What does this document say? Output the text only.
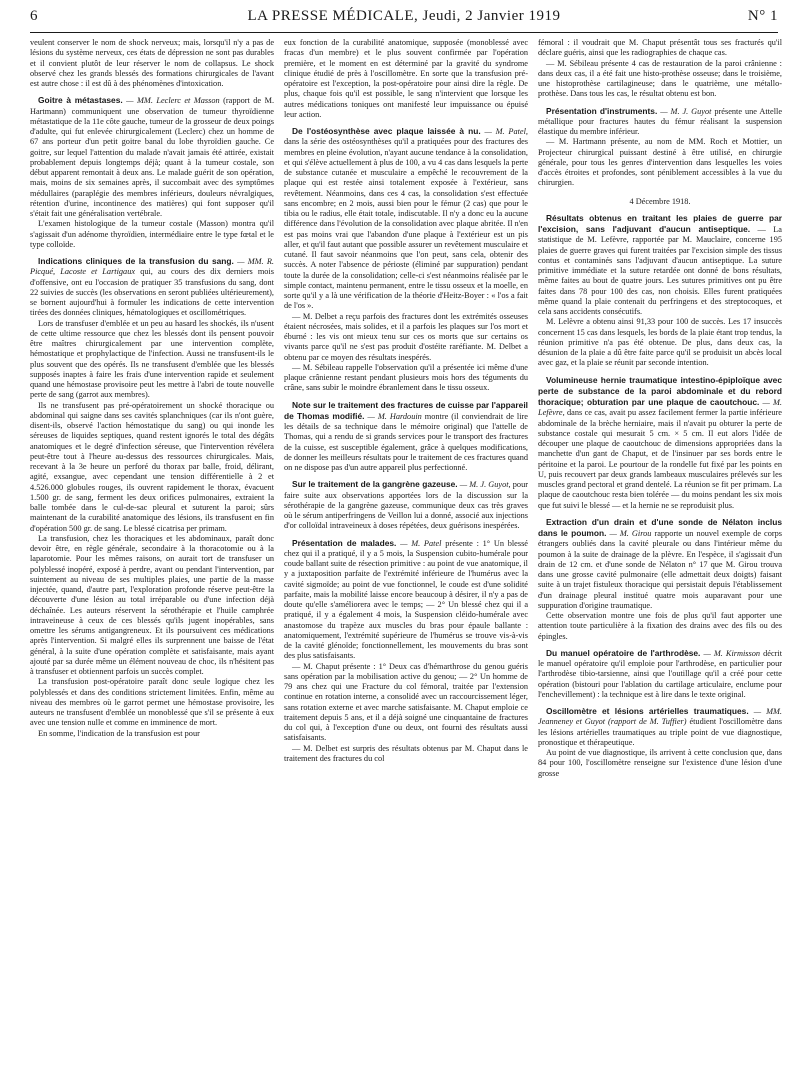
6	LA PRESSE MÉDICALE, Jeudi, 2 Janvier 1919	N° 1

veulent conserver le nom de shock nerveux; mais, lorsqu'il n'y a pas de lésions du système nerveux, ces états de dépression ne sont pas durables et il convient plutôt de leur réserver le nom de collapsus. Le shock observé chez les grands blessés des formations chirurgicales de l'avant est autre chose : il est dû à des phénomènes d'intoxication.

Goitre à métastases. — MM. Leclerc et Masson (rapport de M. Hartmann) communiquent une observation de tumeur thyroïdienne métastatique de la 11e côte gauche, tumeur de la grosseur de deux poings d'adulte, qui fut enlevée chirurgicalement (Leclerc) chez un homme de 67 ans porteur d'un petit goitre banal du lobe thyroïdien gauche. Ce goitre, sur lequel l'attention du malade n'avait jamais été attirée, existait probablement depuis longtemps déjà; quant à la tumeur costale, son début apparent remontait à deux ans. Le malade guérit de son opération, mais, moins de six semaines après, il succombait avec des symptômes médullaires (paraplégie des membres inférieurs, douleurs névralgiques, rétention d'urine, incontinence des matières) qui font supposer qu'il s'était fait une généralisation vertébrale.

L'examen histologique de la tumeur costale (Masson) montra qu'il s'agissait d'un adénome thyroïdien, intermédiaire entre le type fœtal et le type colloïde.

Indications cliniques de la transfusion du sang. — MM. R. Picqué, Lacoste et Lartigaux qui, au cours des dix derniers mois d'offensive, ont eu l'occasion de pratiquer 35 transfusions du sang, dont 22 suivies de succès (les observations en seront publiées ultérieurement), se bornent aujourd'hui à formuler les indications de cette intervention tirées des données cliniques, hématologiques et oscillométriques.

Lors de transfuser d'emblée et un peu au hasard les shockés, ils n'usent de cette ultime ressource que chez les blessés dont ils pensent pouvoir être maîtres chirurgicalement par une intervention complète, hémostatique et prophylactique de l'infection. Aussi ne transfusent-ils le plus souvent que des opérés. Ils ne transfusent d'emblée que les blessés supposés inaptes à faire les frais d'une intervention rapide et seulement quand une hémostase provisoire peut les mettre à l'abri de toute nouvelle perte de sang (garrot aux membres).

Ils ne transfusent pas pré-opératoirement un shocké thoracique ou abdominal qui saigne dans ses cavités splanchniques (car ils n'ont guère, disent-ils, observé l'action hémostatique du sang) ou qui inonde les séreuses de liquides septiques, quand restent ignorés le total des dégâts anatomiques et le degré d'infection séreuse, que l'intervention révélera peut-être tout à l'heure au-dessus des ressources chirurgicales. Mais, recevant à la 3e heure un perforé du thorax par balle, froid, délirant, agité, exsangue, avec cependant une tension différentielle à 2 et 4.526.000 globules rouges, ils ouvrent rapidement le thorax, évacuent 1.500 gr. de sang, ferment les deux orifices pulmonaires, extraient la balle tombée dans le cul-de-sac pleural et suturent la paroi; sûrs maintenant de la curabilité anatomique des lésions, ils transfusent en fin d'opération 500 gr. de sang. Le blessé cicatrisa per primam.

La transfusion, chez les thoraciques et les abdominaux, paraît donc devoir être, en règle générale, secondaire à la thoracotomie ou à la laparotomie. Pour les mêmes raisons, on aurait tort de transfuser un polyblessé inopéré, exposé à perdre, avant ou pendant l'intervention, par suintement au niveau de ses multiples plaies, une partie de la masse injectée, quand, d'autre part, l'exploration profonde réserve peut-être la découverte d'une lésion au total irréparable ou d'une infection déjà déchaînée. Les auteurs réservent la sérothérapie et l'huile camphrée intraveineuse à ceux de ces blessés qu'ils jugent inopérables, sans omettre les sérums antigangreneux. Et ils poursuivent ces médications après l'intervention. Si malgré elles ils surprennent une baisse de l'état général, à la suite d'une opération complète et satisfaisante, mais ayant ajouté par sa durée même un élément nouveau de choc, ils n'hésitent pas à transfuser et obtiennent parfois un succès complet.

La transfusion post-opératoire paraît donc seule logique chez les polyblessés et dans des conditions strictement limitées. Enfin, même au niveau des membres où le garrot permet une hémostase provisoire, les auteurs ne transfusent d'emblée un monoblessé que s'il se présente à eux avec une tension nulle et comme en imminence de mort.

En somme, l'indication de la transfusion est pour

eux fonction de la curabilité anatomique, supposée (monoblessé avec fracas d'un membre) et le plus souvent confirmée par l'opération première, et le moment en est déterminé par la gravité du syndrome clinique étudié de près à l'oscillomètre. En sorte que la transfusion pré-opératoire est l'exception, la post-opératoire pour ainsi dire la règle. De plus, chaque fois qu'il est possible, le sang n'intervient que lorsque les autres médications toniques ont manifesté leur impuissance ou épuisé leur action.

De l'ostéosynthèse avec plaque laissée à nu. — M. Patel, dans la série des ostéosynthèses qu'il a pratiquées pour des fractures des membres en pleine évolution, n'ayant aucune tendance à la consolidation, et qui s'élève actuellement à plus de 100, a vu 4 cas dans lesquels la perte de substance cutanée et musculaire a empêché le recouvrement de la plaque qui est restée ainsi totalement exposée à l'extérieur, sans revêtement. Néanmoins, dans ces 4 cas, la consolidation s'est effectuée sans encombre; en 2 mois, aussi bien pour le fémur (2 cas) que pour le tibia ou le radius, elle était totale, indiscutable. Il n'y a donc eu la aucune différence dans l'évolution de la consolidation avec plaque abritée. Il n'en est pas moins vrai que l'abandon d'une plaque à l'extérieur est un pis aller, et qu'il faut autant que possible assurer un revêtement musculaire et cutané. Il faut savoir néanmoins que l'on peut, sans cela, obtenir des succès. A noter l'absence de périoste (éliminé par suppuration) pendant toute la durée de la consolidation; celle-ci s'est néanmoins réalisée par le simple contact, maintenu permanent, entre le tissu osseux et la moelle, en sorte qu'il y a là une vérification de la théorie d'Heitz-Boyer : « l'os a fait de l'os ».

— M. Delbet a reçu parfois des fractures dont les extrémités osseuses étaient nécrosées, mais solides, et il a parfois les plaques sur l'os mort et éburné : les vis ont mieux tenu sur ces os morts que sur certains os vivants parce qu'il ne s'est pas produit d'ostéite raréfiante. M. Delbet a obtenu par ce moyen des résultats inespérés.

— M. Sébileau rappelle l'observation qu'il a présentée ici même d'une plaque crânienne restant pendant plusieurs mois hors des téguments du crâne, sans subir le moindre ébranlement dans le tissu osseux.

Note sur le traitement des fractures de cuisse par l'appareil de Thomas modifié. — M. Hardouin montre (il conviendrait de lire les détails de sa technique dans le mémoire original) que l'attelle de Thomas, qui a rendu de si grands services pour le transport des fractures de la cuisse, est susceptible également, grâce à quelques modifications, de donner les meilleurs résultats pour le traitement de ces fractures quand on ne dispose pas d'un autre appareil plus perfectionné.

Sur le traitement de la gangrène gazeuse. — M. J. Guyot, pour faire suite aux observations apportées lors de la discussion sur la sérothérapie de la gangrène gazeuse, communique deux cas très graves où le sérum antiperfringens de Veillon lui a donné, associé aux injections d'or colloïdal intraveineux à doses répétées, deux guérisons inespérées.

Présentation de malades. — M. Patel présente : 1° Un blessé chez qui il a pratiqué, il y a 5 mois, la Suspension cubito-humérale pour coude ballant suite de résection primitive : au point de vue anatomique, il y a juxtaposition parfaite de l'extrémité inférieure de l'humérus avec la cavité sigmoïde; au point de vue fonctionnel, le coude est d'une solidité parfaite, mais la mobilité laisse encore beaucoup à désirer, il n'y a pas de doute qu'elle s'améliorera avec le temps; — 2° Un blessé chez qui il a pratiqué, il y a également 4 mois, la Suspension cléido-humérale avec anastomose du trapèze aux muscles du bras pour épaule ballante : anatomiquement, l'extrémité supérieure de l'humérus se trouve vis-à-vis de la cavité glénoïde; fonctionnellement, les mouvements du bras sont des plus satisfaisants.

— M. Chaput présente : 1° Deux cas d'hémarthrose du genou guéris sans opération par la mobilisation active du genou; — 2° Un homme de 79 ans chez qui une Fracture du col fémoral, traitée par l'extension continue en rotation interne, a consolidé avec un raccourcissement léger, sans rotation externe et avec marche satisfaisante. M. Chaput emploie ce traitement depuis 5 ans, et il a déjà soigné une cinquantaine de fractures du col qui, à l'exception d'une ou deux, ont fourni des résultats aussi satisfaisants.

— M. Delbet est surpris des résultats obtenus par M. Chaput dans le traitement des fractures du col

fémoral : il voudrait que M. Chaput présentât tous ses fracturés qu'il déclare guéris, ainsi que les radiographies de chaque cas.

— M. Sébileau présente 4 cas de restauration de la paroi crânienne : dans deux cas, il a été fait une histo-prothèse osseuse; dans le troisième, une histoprothèse cartilagineuse; dans le quatrième, une métallo-prothèse. Dans tous les cas, le résultat obtenu est bon.

Présentation d'instruments. — M. J. Guyot présente une Attelle métallique pour fractures hautes du fémur réalisant la suspension élastique du membre inférieur.

— M. Hartmann présente, au nom de MM. Roch et Mottier, un Projecteur chirurgical puissant destiné à être utilisé, en chirurgie générale, pour tous les genres d'intervention dans lesquelles les voies d'accès étroites et profondes, sont péniblement accessibles à la vue du chirurgien.

4 Décembre 1918.

Résultats obtenus en traitant les plaies de guerre par l'excision, sans l'adjuvant d'aucun antiseptique. — La statistique de M. Lefèvre, rapportée par M. Mauclaire, concerne 195 plaies de guerre graves qui furent traitées par l'excision simple des tissus contus et contaminés sans l'adjuvant d'aucun antiseptique. La suture primitive immédiate et la suture retardée ont donné de bons résultats, même faites au bout de quatre jours. Les sutures primitives ont pu être faites dans 78 pour 100 des cas, non choisis. Elles furent pratiquées même quand la plaie contenait du perfringens et des streptocoques, et cela sans accidents consécutifs.

M. Lelèvre a obtenu ainsi 91,33 pour 100 de succès. Les 17 insuccès concernent 15 cas dans lesquels, les bords de la plaie étant trop tendus, la réunion primitive n'a pas été obtenue. De plus, dans deux cas, la désunion de la plaie a dû être faite parce qu'il se produisit un abcès local avec gaz, et la plaie se réunit par seconde intention.

Volumineuse hernie traumatique intestino-épiploïque avec perte de substance de la paroi abdominale et du rebord thoracique; obturation par une plaque de caoutchouc. — M. Lefèvre, dans ce cas, avait pu assez facilement fermer la partie inférieure abdominale de la brèche herniaire, mais il n'avait pu obturer la perte de substance costale qui mesurait 5 cm. × 5 cm. Il eut alors l'idée de découper une plaque de caoutchouc de dimensions appropriées dans la manchette d'un gant de Chaput, et de l'insinuer par ses bords entre le péritoine et la paroi. Le pourtour de la rondelle fut fixé par les points en U, puis recouvert par deux grands lambeaux musculaires prélevés sur les muscles grand pectoral et grand dentelé. La réunion se fit per primam. La plaque de caoutchouc resta bien tolérée — du moins pendant les six mois que fut suivi le blessé — et la hernie ne se reproduisit plus.

Extraction d'un drain et d'une sonde de Nélaton inclus dans le poumon. — M. Girou rapporte un nouvel exemple de corps étrangers oubliés dans la cavité pleurale ou dans l'intérieur même du poumon à la suite de drainage de la plèvre. En l'espèce, il s'agissait d'un drain de 12 cm. et d'une sonde de Nélaton n° 17 que M. Girou trouva dans une grosse cavité pulmonaire (elle admettait deux doigts) faisant suite à un trajet fistuleux thoracique qui persistait depuis l'établissement d'un drainage pleural institué quatre mois auparavant pour une suppuration d'origine traumatique.

Cette observation montre une fois de plus qu'il faut apporter une attention toute particulière à la fixation des drains avec des fils ou des épingles.

Du manuel opératoire de l'arthrodèse. — M. Kirmisson décrit le manuel opératoire qu'il emploie pour l'arthrodèse, en particulier pour l'arthrodèse tibio-tarsienne, ainsi que l'outillage qu'il a créé pour cette opération (bistouri pour l'ablation du cartilage articulaire, enclume pour l'enchevillement) : la technique est à lire dans le texte original.

Oscillomètre et lésions artérielles traumatiques. — MM. Jeanneney et Guyot (rapport de M. Tuffier) étudient l'oscillomètre dans les lésions artérielles traumatiques au triple point de vue diagnostique, pronostique et thérapeutique.

Au point de vue diagnostique, ils arrivent à cette conclusion que, dans 84 pour 100, l'oscillomètre renseigne sur l'existence d'une lésion d'une grosse
